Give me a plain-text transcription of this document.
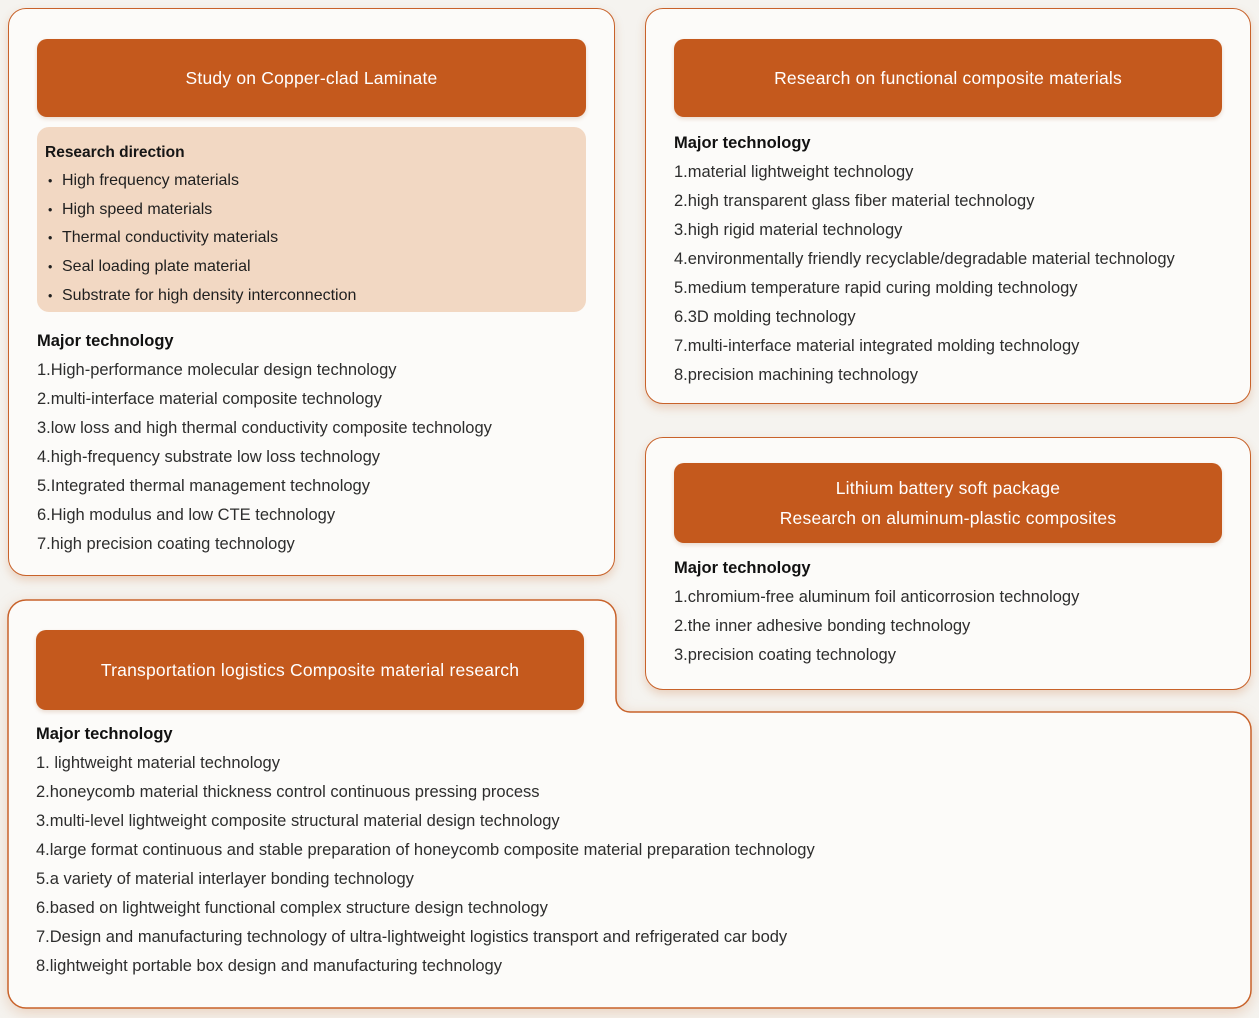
Study on Copper-clad Laminate
Research direction
• High frequency materials
• High speed materials
• Thermal conductivity materials
• Seal loading plate material
• Substrate for high density interconnection
Major technology
1.High-performance molecular design technology
2.multi-interface material composite technology
3.low loss and high thermal conductivity composite technology
4.high-frequency substrate low loss technology
5.Integrated thermal management technology
6.High modulus and low CTE technology
7.high precision coating technology
Research on functional composite materials
Major technology
1.material lightweight technology
2.high transparent glass fiber material technology
3.high rigid material technology
4.environmentally friendly recyclable/degradable material technology
5.medium temperature rapid curing molding technology
6.3D molding technology
7.multi-interface material integrated molding technology
8.precision machining technology
Lithium battery soft package
Research on aluminum-plastic composites
Major technology
1.chromium-free aluminum foil anticorrosion technology
2.the inner adhesive bonding technology
3.precision coating technology
Transportation logistics Composite material research
Major technology
1. lightweight material technology
2.honeycomb material thickness control continuous pressing process
3.multi-level lightweight composite structural material design technology
4.large format continuous and stable preparation of honeycomb composite material preparation technology
5.a variety of material interlayer bonding technology
6.based on lightweight functional complex structure design technology
7.Design and manufacturing technology of ultra-lightweight logistics transport and refrigerated car body
8.lightweight portable box design and manufacturing technology
